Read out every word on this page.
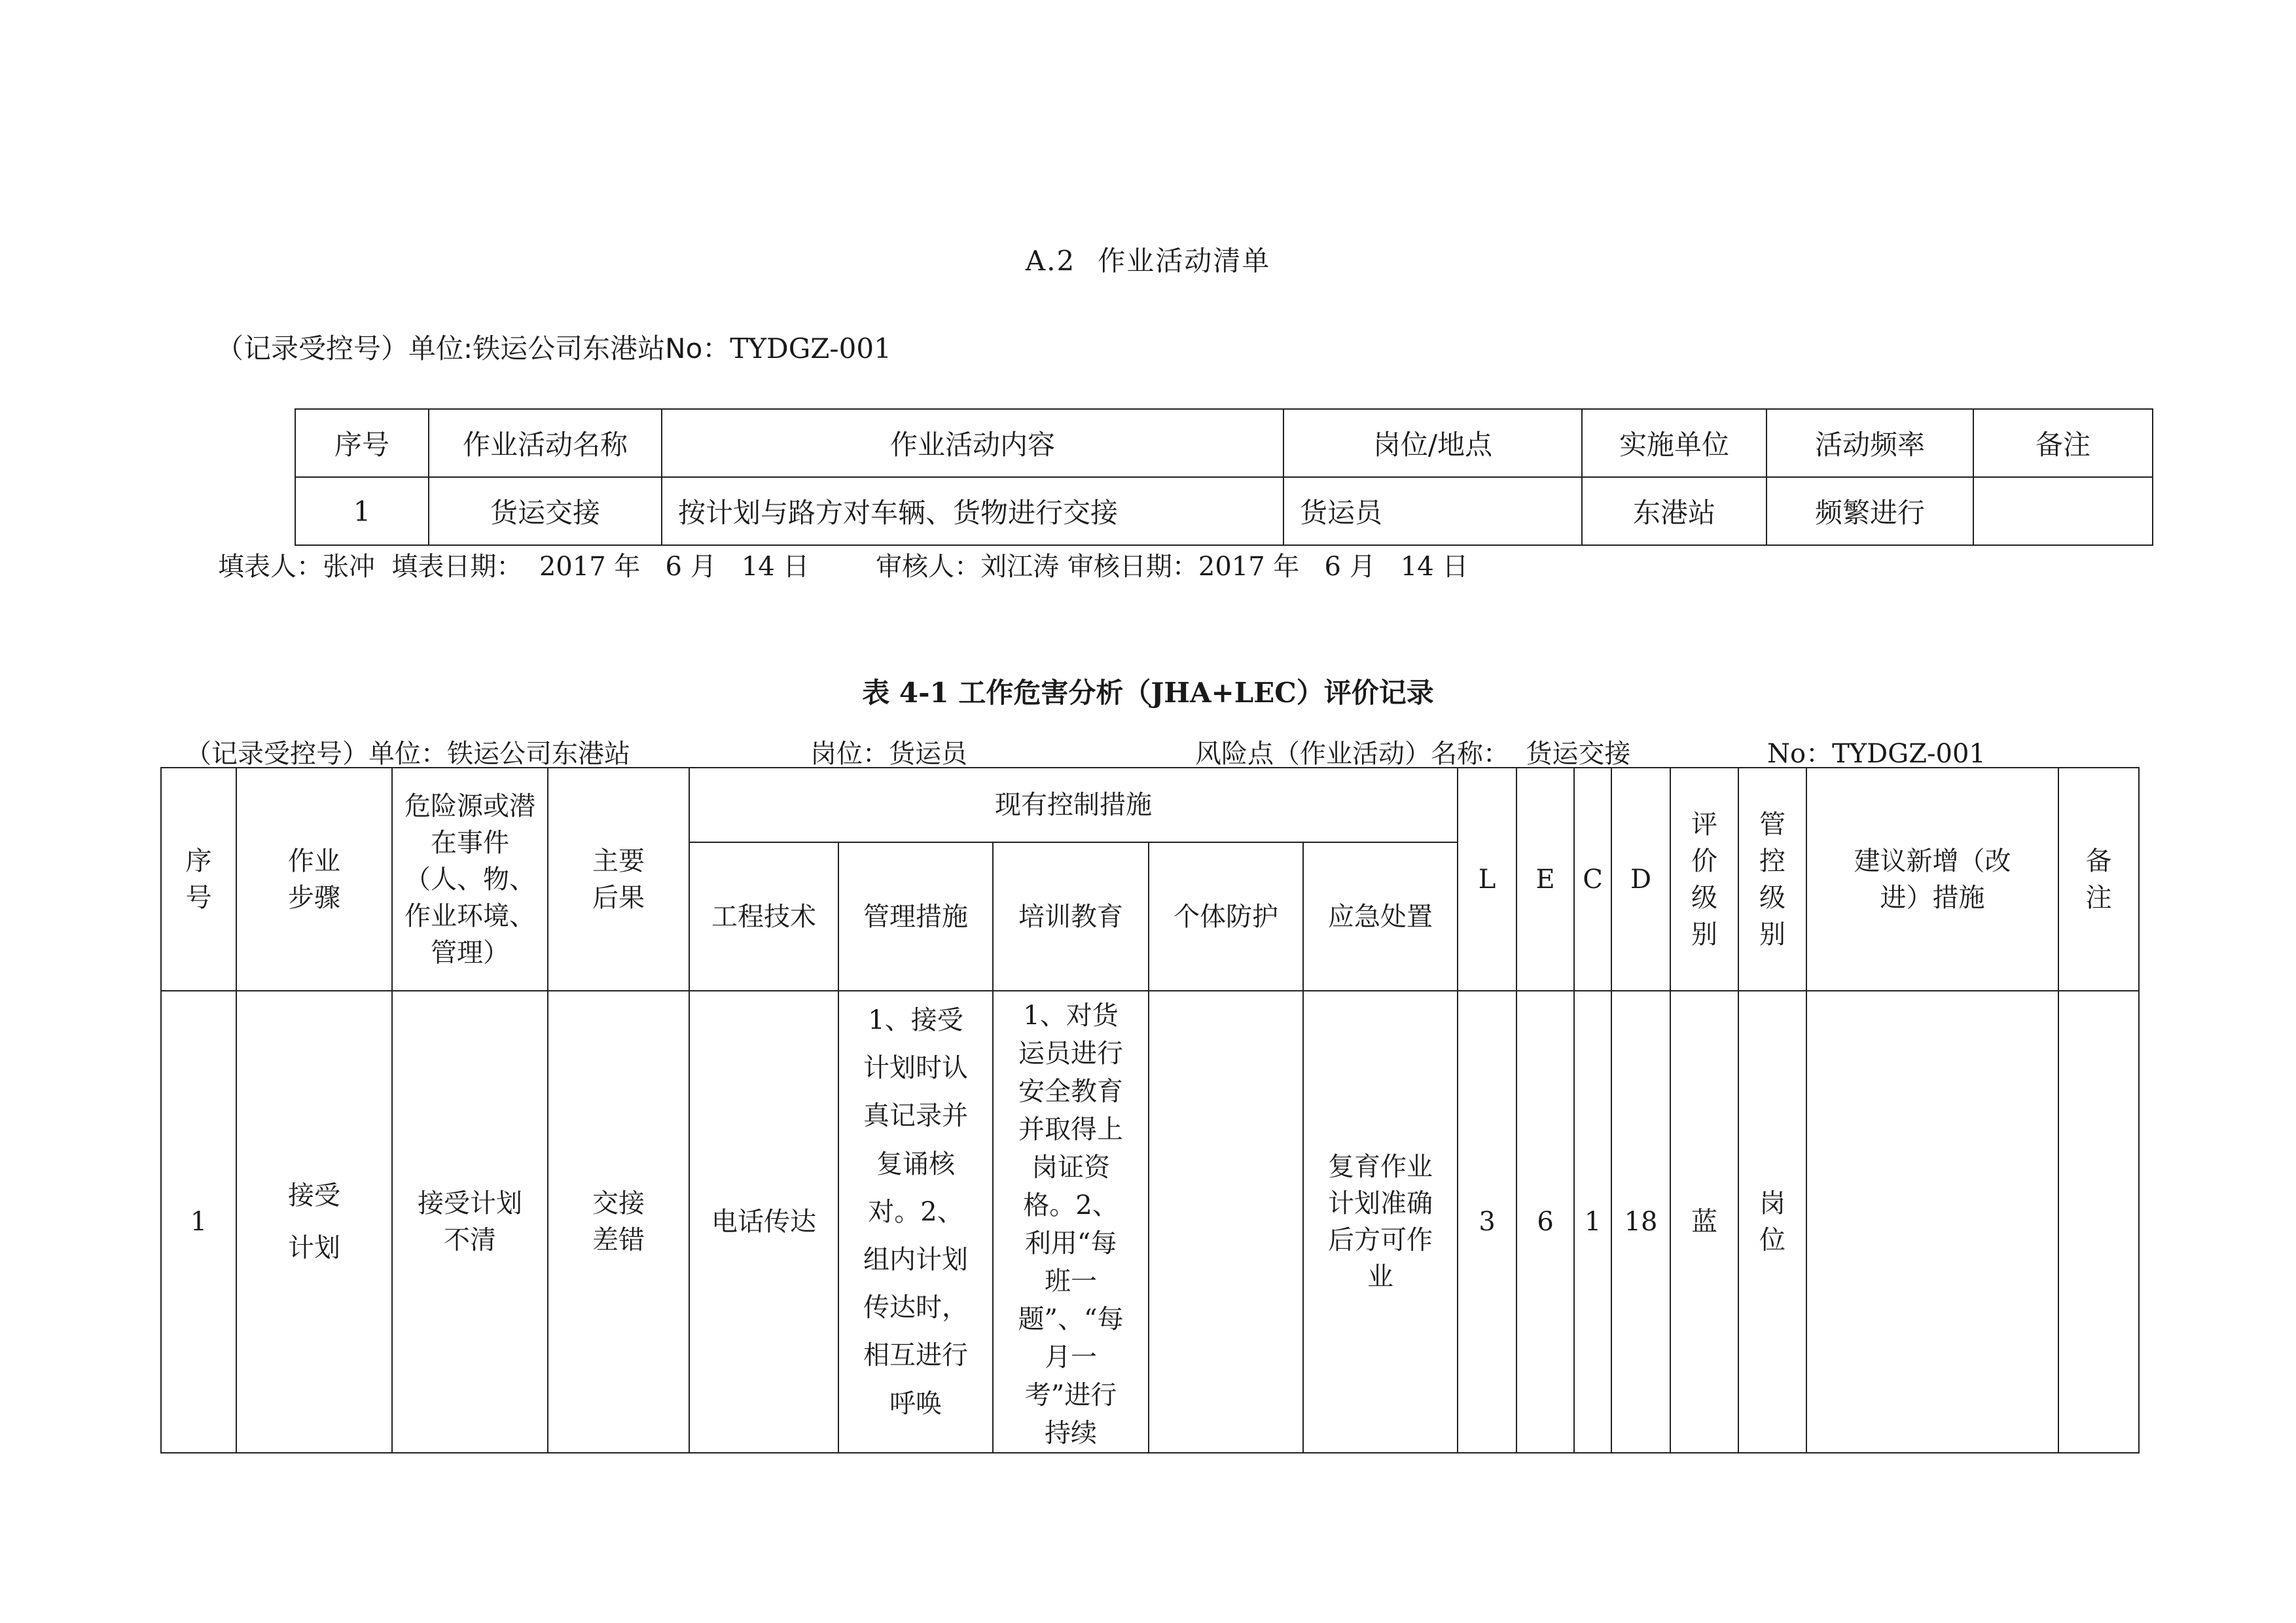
A.2 作业活动清单
（记录受控号）单位:铁运公司东港站No：TYDGZ-001
序号	作业活动名称	作业活动内容	岗位/地点	实施单位	活动频率	备注
1	货运交接	按计划与路方对车辆、货物进行交接	货运员	东港站	频繁进行	
填表人：张冲  填表日期：  2017 年   6 月   14 日        审核人：刘江涛 审核日期：2017 年   6 月   14 日
表 4-1 工作危害分析（JHA+LEC）评价记录
（记录受控号）单位：铁运公司东港站	岗位：货运员	风险点（作业活动）名称：  货运交接	No：TYDGZ-001
序号	作业步骤	危险源或潜在事件（人、物、作业环境、管理）	主要后果	现有控制措施					L	E	C	D	评价级别	管控级别	建议新增（改进）措施	备注
				工程技术	管理措施	培训教育	个体防护	应急处置								
1	接受计划	接受计划不清	交接差错	电话传达	1、接受计划时认真记录并复诵核对。2、组内计划传达时，相互进行呼唤	1、对货运员进行安全教育并取得上岗证资格。2、利用“每班一题”、“每月一考”进行持续		复育作业计划准确后方可作业	3	6	1	18	蓝	岗位		
